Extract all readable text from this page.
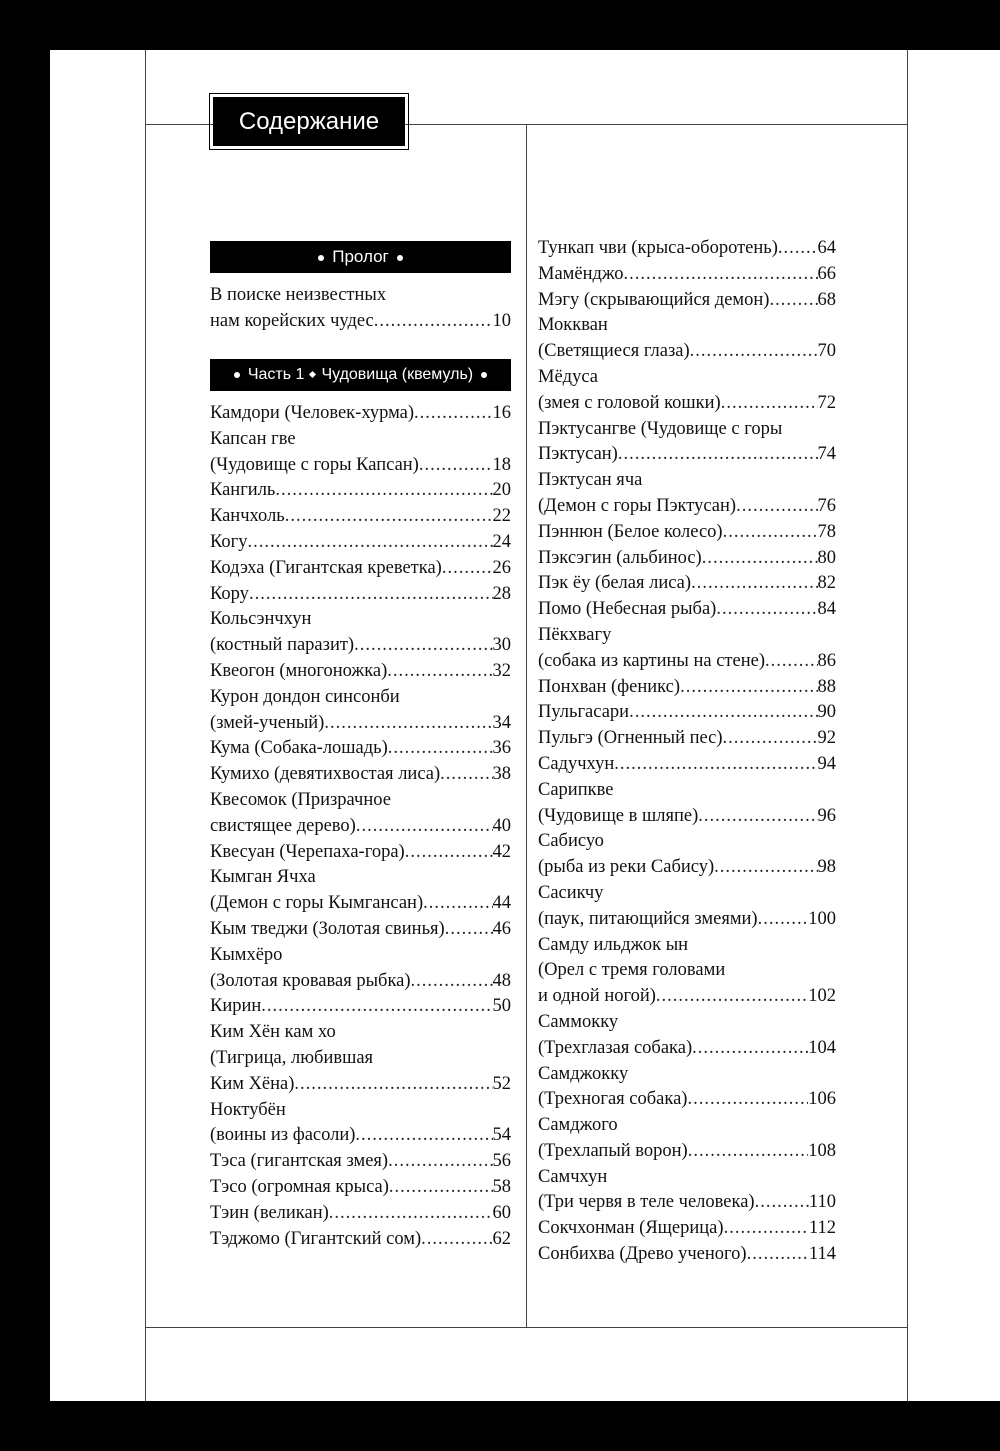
Содержание
Пролог
В поиске неизвестных
нам корейских чудес .....	10
Часть 1 Чудовища (квемуль)
Камдори (Человек-хурма) .....	16
Капсан гве
(Чудовище с горы Капсан) .....	18
Кангиль .....	20
Канчхоль .....	22
Когу .....	24
Кодэха (Гигантская креветка) .....	26
Кору .....	28
Кольсэнчхун
(костный паразит) .....	30
Квеогон (многоножка) .....	32
Курон дондон синсонби
(змей-ученый) .....	34
Кума (Собака-лошадь) .....	36
Кумихо (девятихвостая лиса) .....	38
Квесомок (Призрачное
свистящее дерево) .....	40
Квесуан (Черепаха-гора) .....	42
Кымган Ячха
(Демон с горы Кымгансан) .....	44
Кым тведжи (Золотая свинья) .....	46
Кымхёро
(Золотая кровавая рыбка) .....	48
Кирин .....	50
Ким Хён кам хо
(Тигрица, любившая
Ким Хёна) .....	52
Ноктубён
(воины из фасоли) .....	54
Тэса (гигантская змея) .....	56
Тэсо (огромная крыса) .....	58
Тэин (великан) .....	60
Тэджомо (Гигантский сом) .....	62
Тункап чви (крыса-оборотень) ..... 64
Мамёнджо .....	66
Мэгу (скрывающийся демон) .....	68
Моккван
(Светящиеся глаза) .....	70
Мёдуса
(змея с головой кошки) .....	72
Пэктусангве (Чудовище с горы
Пэктусан) .....	74
Пэктусан яча
(Демон с горы Пэктусан) .....	76
Пэннюн (Белое колесо) .....	78
Пэксэгин (альбинос) .....	80
Пэк ёу (белая лиса) .....	82
Помо (Небесная рыба) .....	84
Пёкхвагу
(собака из картины на стене) .....	86
Понхван (феникс) .....	88
Пульгасари .....	90
Пульгэ (Огненный пес) .....	92
Садучхун .....	94
Сарипкве
(Чудовище в шляпе) .....	96
Сабисуо
(рыба из реки Сабису) .....	98
Сасикчу
(паук, питающийся змеями) .....	100
Самду ильджок ын
(Орел с тремя головами
и одной ногой) .....	102
Саммокку
(Трехглазая собака) .....	104
Самджокку
(Трехногая собака) .....	106
Самджого
(Трехлапый ворон) .....	108
Самчхун
(Три червя в теле человека) .....	110
Сокчхонман (Ящерица) .....	112
Сонбихва (Древо ученого) .....	114
